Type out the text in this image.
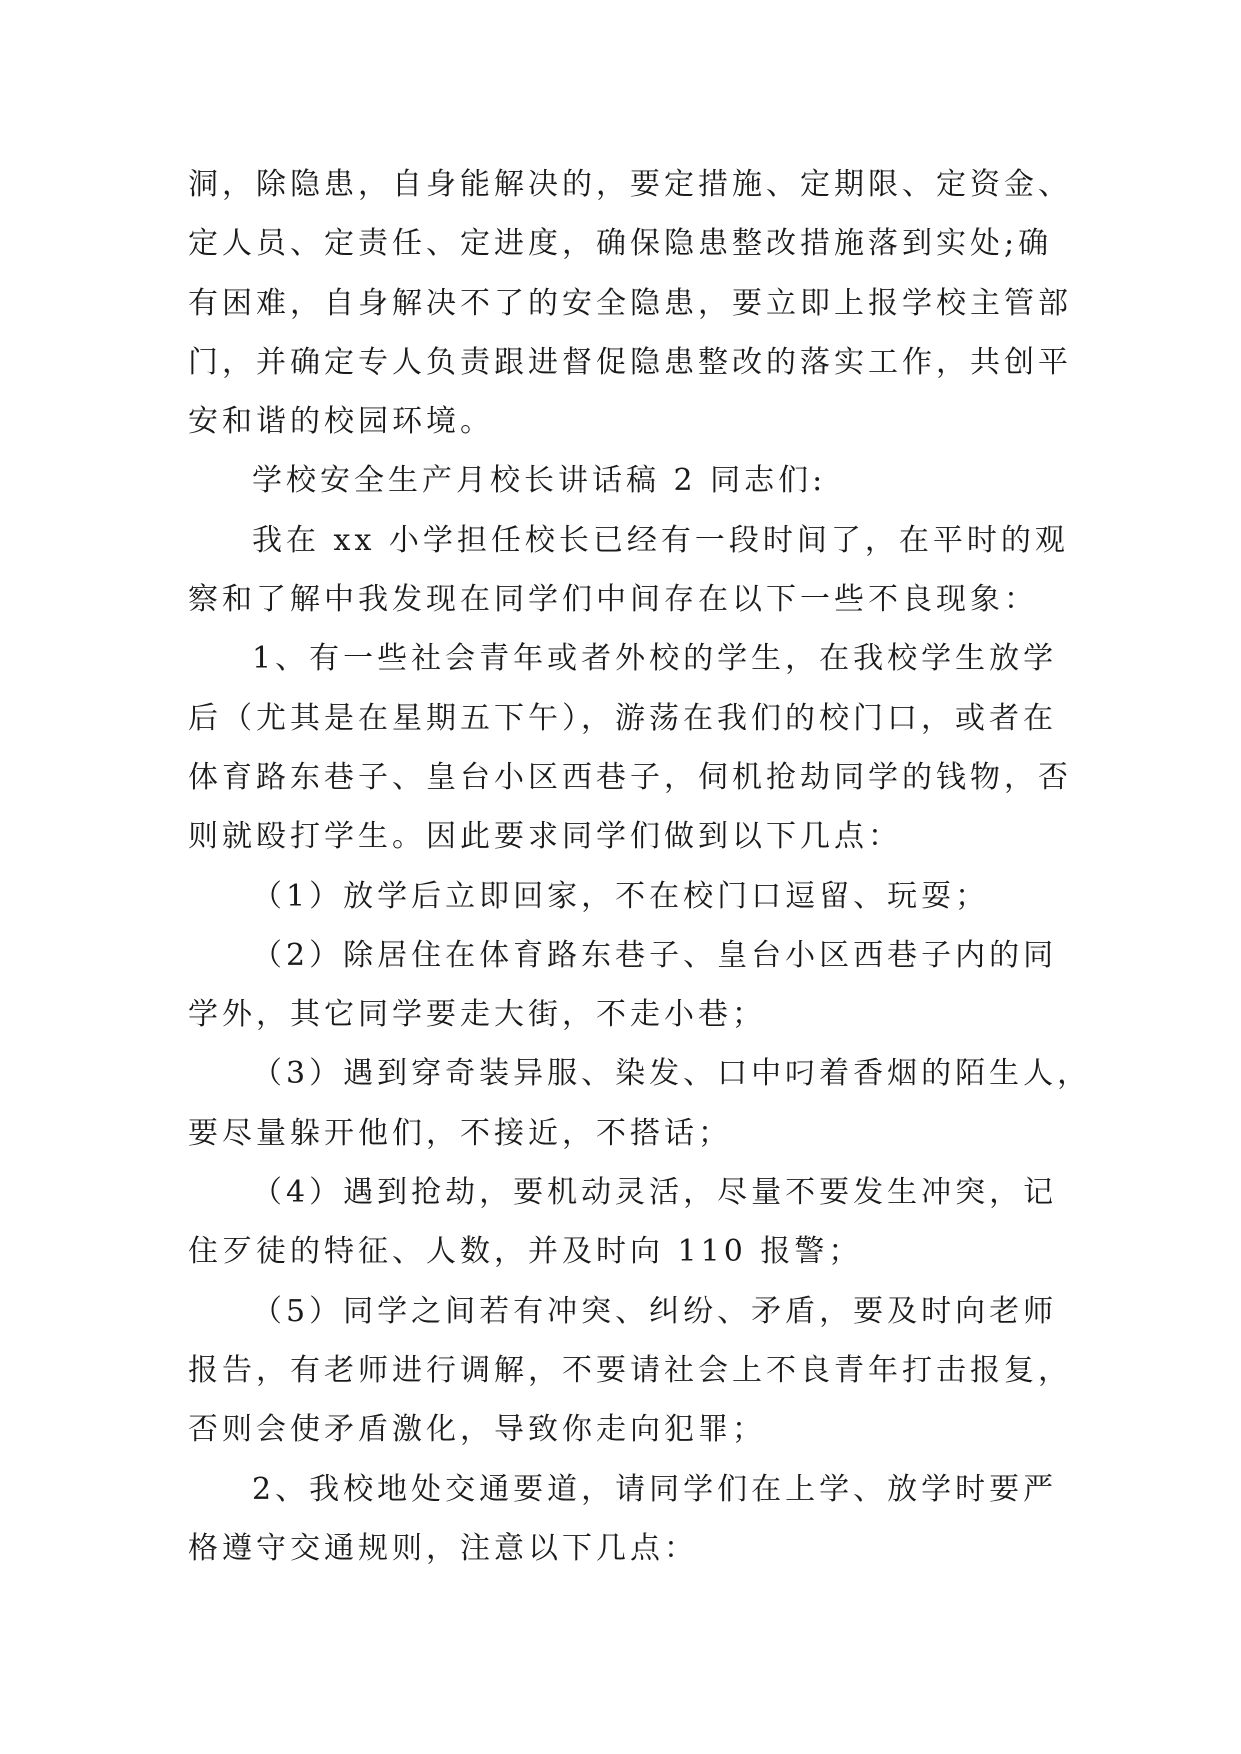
洞，除隐患，自身能解决的，要定措施、定期限、定资金、
定人员、定责任、定进度，确保隐患整改措施落到实处;确
有困难，自身解决不了的安全隐患，要立即上报学校主管部
门，并确定专人负责跟进督促隐患整改的落实工作，共创平
安和谐的校园环境。
学校安全生产月校长讲话稿 2 同志们:
我在 xx 小学担任校长已经有一段时间了，在平时的观
察和了解中我发现在同学们中间存在以下一些不良现象：
1、有一些社会青年或者外校的学生，在我校学生放学
后（尤其是在星期五下午），游荡在我们的校门口，或者在
体育路东巷子、皇台小区西巷子，伺机抢劫同学的钱物，否
则就殴打学生。因此要求同学们做到以下几点：
（1）放学后立即回家，不在校门口逗留、玩耍；
（2）除居住在体育路东巷子、皇台小区西巷子内的同
学外，其它同学要走大街，不走小巷；
（3）遇到穿奇装异服、染发、口中叼着香烟的陌生人，
要尽量躲开他们，不接近，不搭话；
（4）遇到抢劫，要机动灵活，尽量不要发生冲突，记
住歹徒的特征、人数，并及时向 110 报警；
（5）同学之间若有冲突、纠纷、矛盾，要及时向老师
报告，有老师进行调解，不要请社会上不良青年打击报复，
否则会使矛盾激化，导致你走向犯罪；
2、我校地处交通要道，请同学们在上学、放学时要严
格遵守交通规则，注意以下几点：
